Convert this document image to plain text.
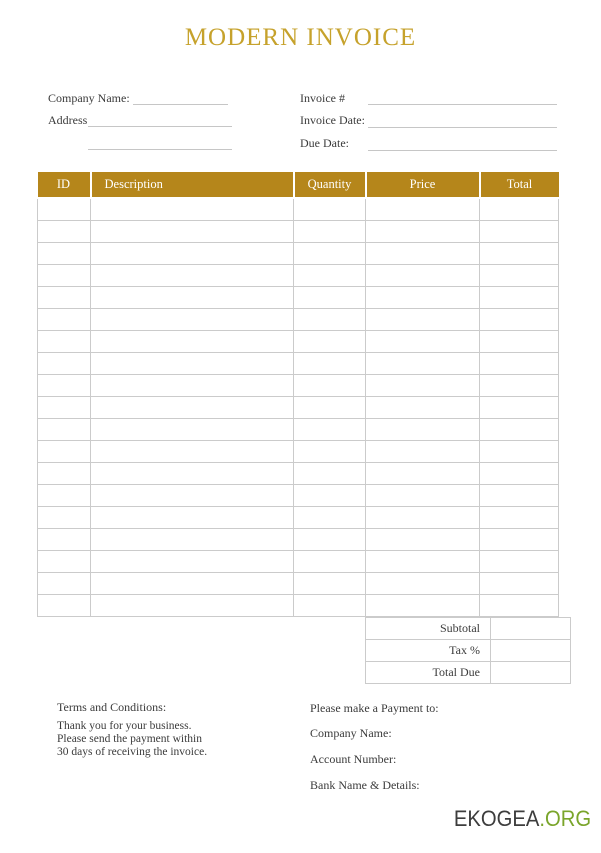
MODERN INVOICE
Company Name:
Address
Invoice #
Invoice Date:
Due Date:
ID	Description	Quantity	Price	Total

Subtotal	
Tax %	
Total Due	

Terms and Conditions:

Thank you for your business.

Please send the payment within

30 days of receiving the invoice.

Please make a Payment to:

Company Name:
Account Number:
Bank Name & Details:
EKOGEA.ORG
